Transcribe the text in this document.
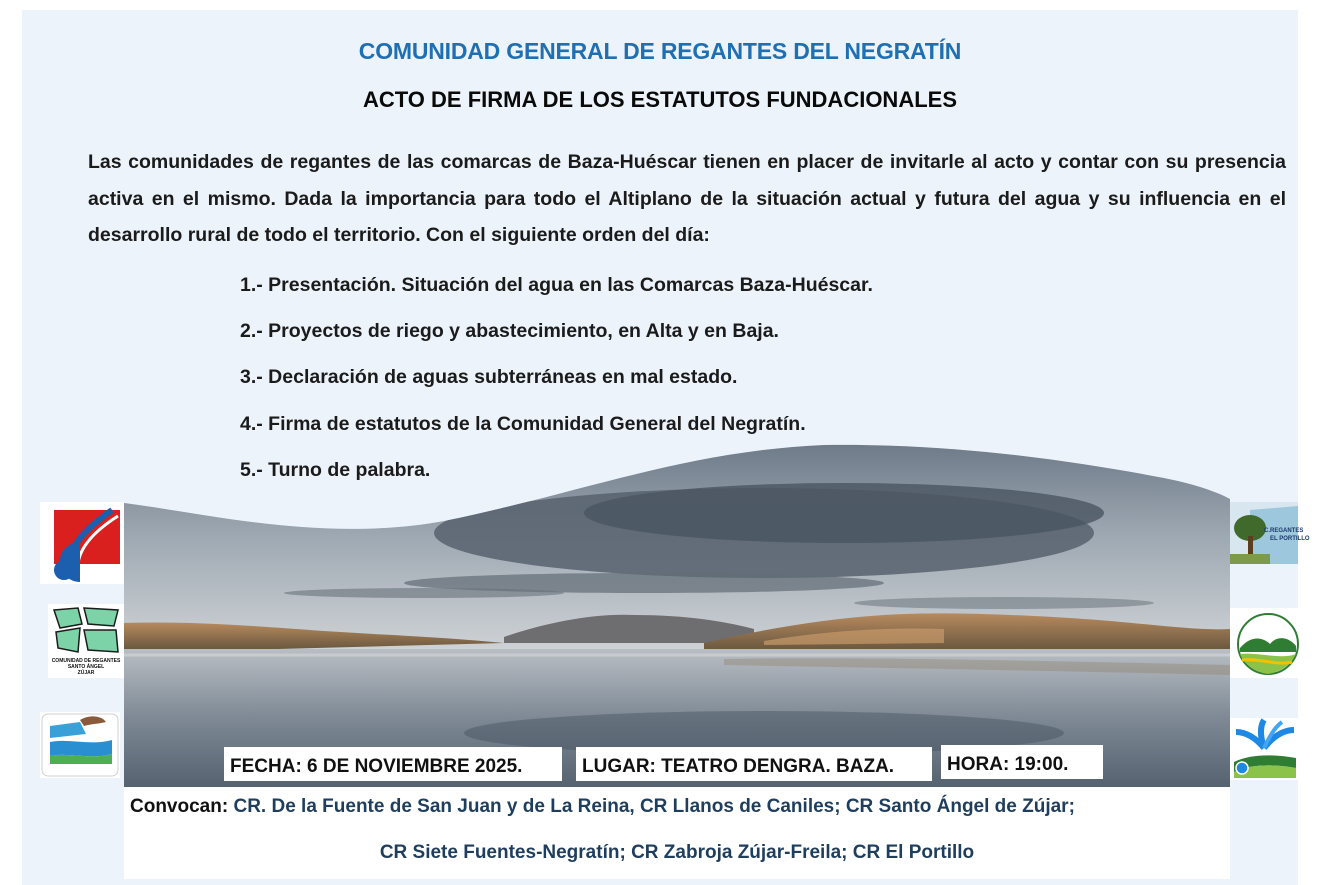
COMUNIDAD GENERAL DE REGANTES DEL NEGRATÍN
ACTO DE FIRMA DE LOS ESTATUTOS FUNDACIONALES

Las comunidades de regantes de las comarcas de Baza-Huéscar tienen en placer de invitarle al acto y contar con su presencia activa en el mismo. Dada la importancia para todo el Altiplano de la situación actual y futura del agua y su influencia en el desarrollo rural de todo el territorio. Con el siguiente orden del día:

1.- Presentación. Situación del agua en las Comarcas Baza-Huéscar.
2.- Proyectos de riego y abastecimiento, en Alta y en Baja.
3.- Declaración de aguas subterráneas en mal estado.
4.- Firma de estatutos de la Comunidad General del Negratín.
5.- Turno de palabra.
COMUNIDAD DE REGANTES
SANTO ÁNGEL
ZÚJAR
C.REGANTES
EL PORTILLO
FECHA: 6 DE NOVIEMBRE 2025.	LUGAR: TEATRO DENGRA. BAZA.	HORA: 19:00.
Convocan: CR. De la Fuente de San Juan y de La Reina, CR Llanos de Caniles; CR Santo Ángel de Zújar;
CR Siete Fuentes-Negratín; CR Zabroja Zújar-Freila; CR El Portillo
